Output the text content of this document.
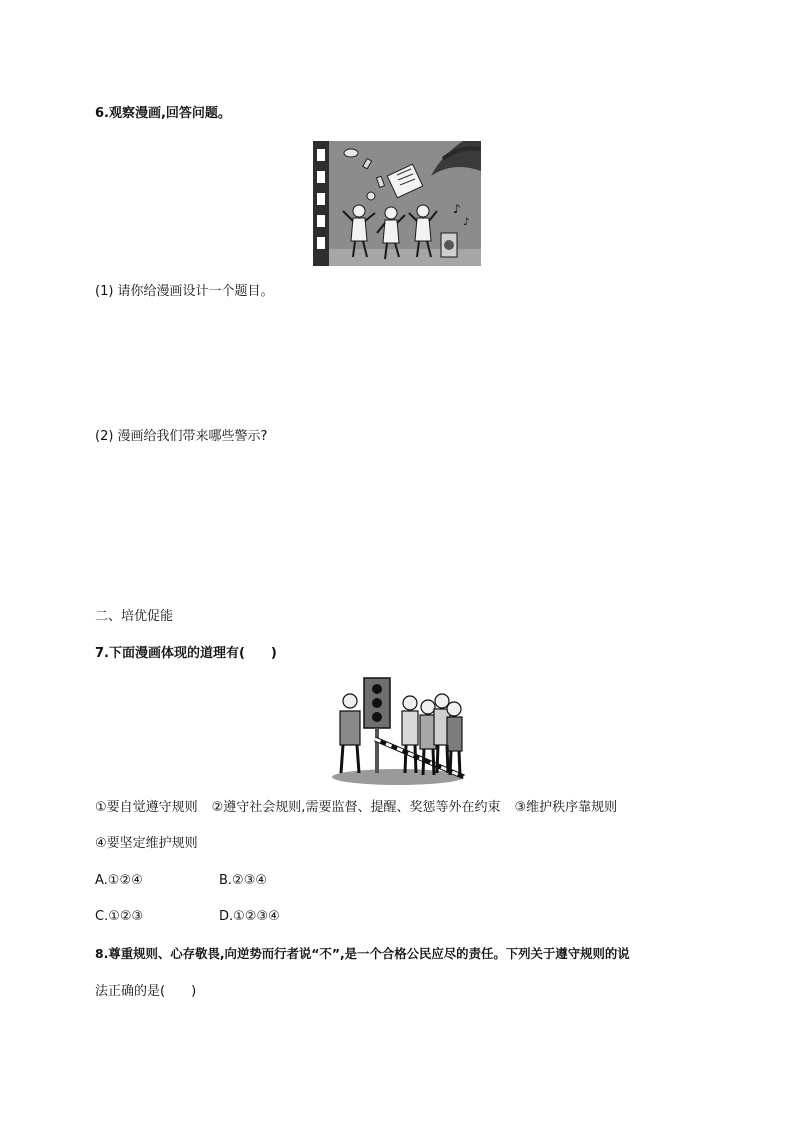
6.观察漫画,回答问题。
♪
♪
(1) 请你给漫画设计一个题目。
(2) 漫画给我们带来哪些警示?
二、培优促能
7.下面漫画体现的道理有(　　)
①要自觉遵守规则 ②遵守社会规则,需要监督、提醒、奖惩等外在约束 ③维护秩序靠规则
④要坚定维护规则
A.①②④	B.②③④
C.①②③	D.①②③④
8.尊重规则、心存敬畏,向逆势而行者说“不”,是一个合格公民应尽的责任。下列关于遵守规则的说
法正确的是(　　)
